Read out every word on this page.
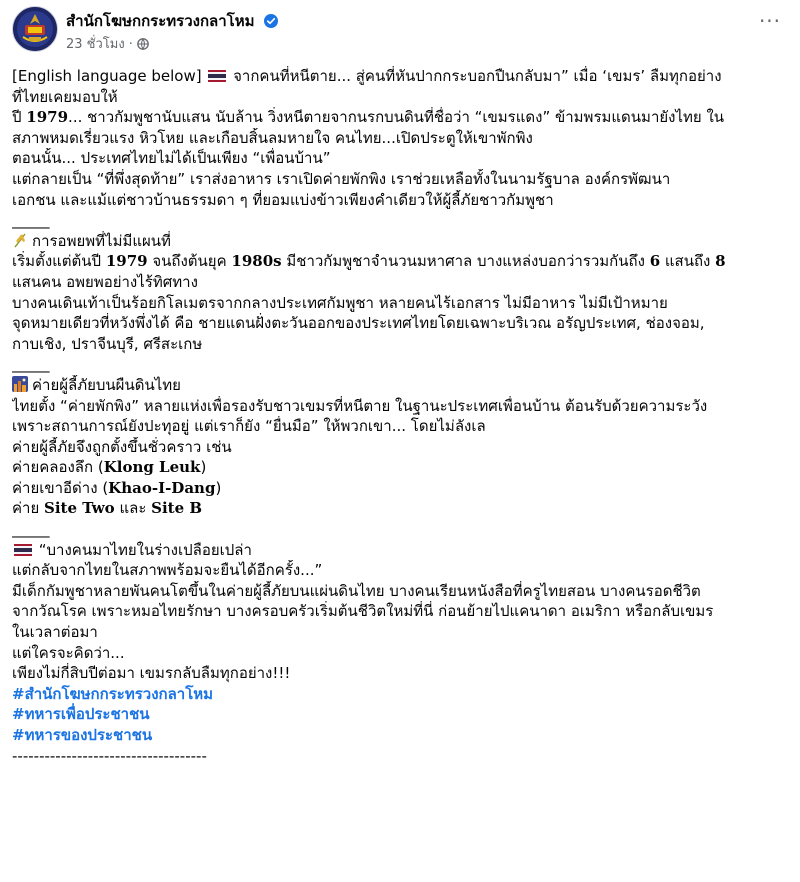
สำนักโฆษกกระทรวงกลาโหม
23 ชั่วโมง ·
···
[English language below]  จากคนที่หนีตาย... สู่คนที่หันปากกระบอกปืนกลับมา” เมื่อ ‘เขมร’ ลืมทุกอย่าง
ที่ไทยเคยมอบให้
ปี 1979... ชาวกัมพูชานับแสน นับล้าน วิ่งหนีตายจากนรกบนดินที่ชื่อว่า “เขมรแดง” ข้ามพรมแดนมายังไทย ใน
สภาพหมดเรี่ยวแรง หิวโหย และเกือบสิ้นลมหายใจ คนไทย...เปิดประตูให้เขาพักพิง
ตอนนั้น... ประเทศไทยไม่ได้เป็นเพียง “เพื่อนบ้าน”
แต่กลายเป็น “ที่พึ่งสุดท้าย” เราส่งอาหาร เราเปิดค่ายพักพิง เราช่วยเหลือทั้งในนามรัฐบาล องค์กรพัฒนา
เอกชน และแม้แต่ชาวบ้านธรรมดา ๆ ที่ยอมแบ่งข้าวเพียงคำเดียวให้ผู้ลี้ภัยชาวกัมพูชา
_____
การอพยพที่ไม่มีแผนที่
เริ่มตั้งแต่ต้นปี 1979 จนถึงต้นยุค 1980s มีชาวกัมพูชาจำนวนมหาศาล บางแหล่งบอกว่ารวมกันถึง 6 แสนถึง 8
แสนคน อพยพอย่างไร้ทิศทาง
บางคนเดินเท้าเป็นร้อยกิโลเมตรจากกลางประเทศกัมพูชา หลายคนไร้เอกสาร ไม่มีอาหาร ไม่มีเป้าหมาย
จุดหมายเดียวที่หวังพึ่งได้ คือ ชายแดนฝั่งตะวันออกของประเทศไทยโดยเฉพาะบริเวณ อรัญประเทศ, ช่องจอม,
กาบเชิง, ปราจีนบุรี, ศรีสะเกษ
_____
ค่ายผู้ลี้ภัยบนผืนดินไทย
ไทยตั้ง “ค่ายพักพิง” หลายแห่งเพื่อรองรับชาวเขมรที่หนีตาย ในฐานะประเทศเพื่อนบ้าน ต้อนรับด้วยความระวัง
เพราะสถานการณ์ยังปะทุอยู่ แต่เราก็ยัง “ยื่นมือ” ให้พวกเขา... โดยไม่ลังเล
ค่ายผู้ลี้ภัยจึงถูกตั้งขึ้นชั่วคราว เช่น
ค่ายคลองลึก (Klong Leuk)
ค่ายเขาอีด่าง (Khao-I-Dang)
ค่าย Site Two และ Site B
_____
“บางคนมาไทยในร่างเปลือยเปล่า
แต่กลับจากไทยในสภาพพร้อมจะยืนได้อีกครั้ง...”
มีเด็กกัมพูชาหลายพันคนโตขึ้นในค่ายผู้ลี้ภัยบนแผ่นดินไทย บางคนเรียนหนังสือที่ครูไทยสอน บางคนรอดชีวิต
จากวัณโรค เพราะหมอไทยรักษา บางครอบครัวเริ่มต้นชีวิตใหม่ที่นี่ ก่อนย้ายไปแคนาดา อเมริกา หรือกลับเขมร
ในเวลาต่อมา
แต่ใครจะคิดว่า...
เพียงไม่กี่สิบปีต่อมา เขมรกลับลืมทุกอย่าง!!!
#สำนักโฆษกกระทรวงกลาโหม
#ทหารเพื่อประชาชน
#ทหารของประชาชน
------------------------------------
